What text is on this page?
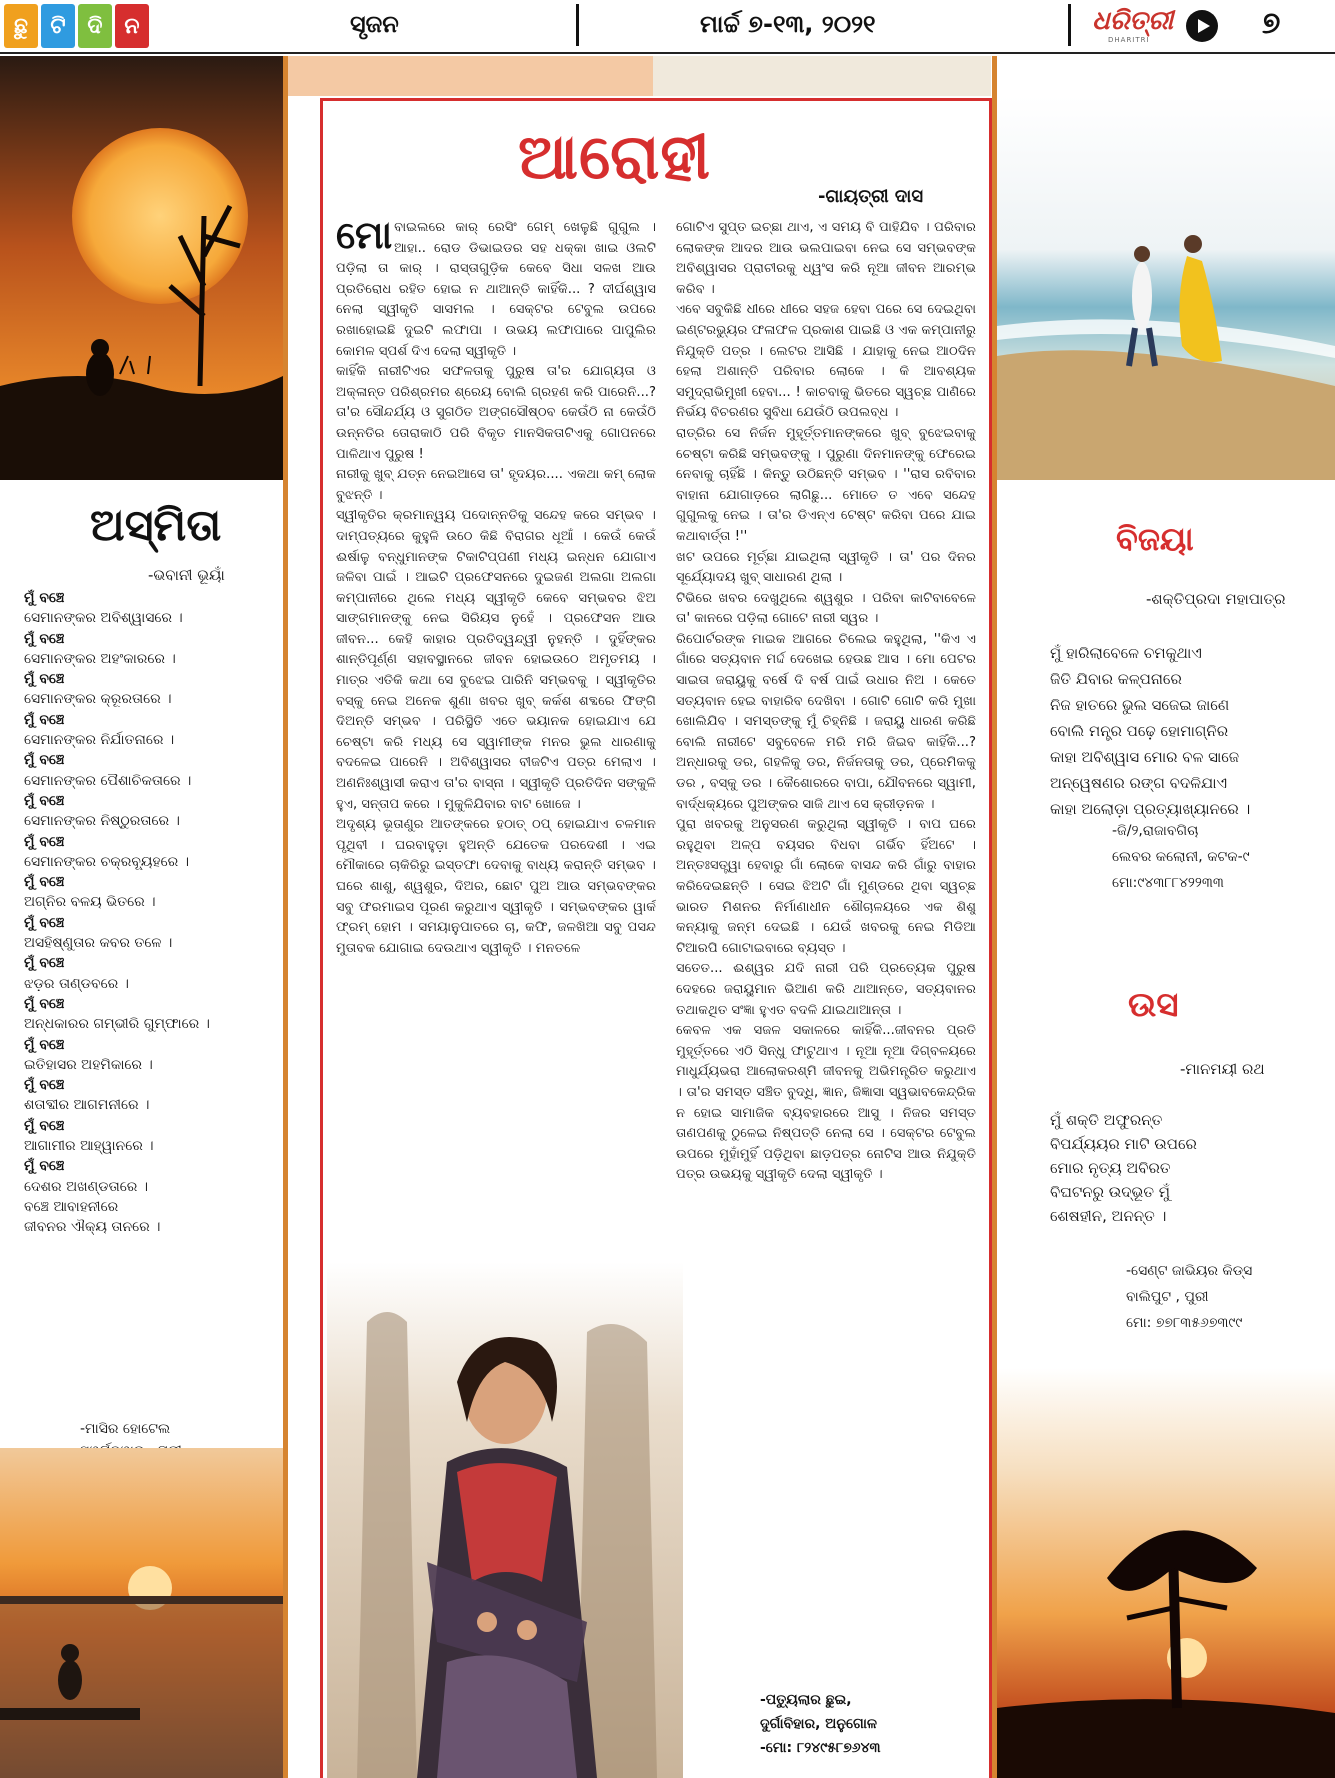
ଛୁ	ଟି ଦି ନ	ସୃଜନ	ମାର୍ଚ୍ଚ ୭-୧୩, ୨୦୨୧	ଧରିତ୍ରୀ
DHARITRI	୭
ଅସ୍ମିତା
-ଭବାନୀ ଭୂୟାଁ
ମୁଁ ବଞ୍ଚେ
ସେମାନଙ୍କର ଅବିଶ୍ୱାସରେ ।
ମୁଁ ବଞ୍ଚେ
ସେମାନଙ୍କର ଅହଂକାରରେ ।
ମୁଁ ବଞ୍ଚେ
ସେମାନଙ୍କର କ୍ରୂରତାରେ ।
ମୁଁ ବଞ୍ଚେ
ସେମାନଙ୍କର ନିର୍ଯାତନାରେ ।
ମୁଁ ବଞ୍ଚେ
ସେମାନଙ୍କର ପୈଶାଚିକତାରେ ।
ମୁଁ ବଞ୍ଚେ
ସେମାନଙ୍କର ନିଷ୍ଠୁରତାରେ ।
ମୁଁ ବଞ୍ଚେ
ସେମାନଙ୍କର ଚକ୍ରବ୍ୟୂହରେ ।
ମୁଁ ବଞ୍ଚେ
ଅଗ୍ନିର ବଳୟ ଭିତରେ ।
ମୁଁ ବଞ୍ଚେ
ଅସହିଷ୍ଣୁତାର କବର ତଳେ ।
ମୁଁ ବଞ୍ଚେ
ଝଡ଼ର ତାଣ୍ଡବରେ ।
ମୁଁ ବଞ୍ଚେ
ଅନ୍ଧକାରର ଗମ୍ଭୀରି ଗୁମ୍ଫାରେ ।
ମୁଁ ବଞ୍ଚେ
ଇତିହାସର ଅହମିକାରେ ।
ମୁଁ ବଞ୍ଚେ
ଶତାବ୍ଦୀର ଆଗମନୀରେ ।
ମୁଁ ବଞ୍ଚେ
ଆଗାମୀର ଆହ୍ୱାନରେ ।
ମୁଁ ବଞ୍ଚେ
ଦେଶର ଅଖଣ୍ଡତାରେ ।
ବଞ୍ଚେ ଆବାହନୀରେ
ଜୀବନର ଐକ୍ୟ ତାନରେ ।
-ମାସିର ହୋଟେଲ
ଆରୋହୀ
-ଗାୟତ୍ରୀ ଦାସ

ମୋବାଇଲରେ କାର୍ ରେସିଂ ଗେମ୍ ଖେଳୁଛି ଗୁଗୁଲ । ଆହା.. ରୋଡ ଡିଭାଇଡର ସହ ଧକ୍କା ଖାଇ ଓଲଟି ପଡ଼ିଲା ତା କାର୍ । ରାସ୍ତାଗୁଡ଼ିକ କେବେ ସିଧା ସଳଖ ଆଉ ପ୍ରତିରୋଧ ରହିତ ହୋଇ ନ ଥାଆନ୍ତି କାହିଁକି... ? ଦୀର୍ଘଶ୍ୱାସ ନେଲା ସ୍ୱୀକୃତି ସାସମଲ । ସେକ୍ଟର ଟେବୁଲ ଉପରେ ରଖାହୋଇଛି ଦୁଇଟି ଲଫାପା । ଉଭୟ ଲଫାପାରେ ପାପୁଲିର କୋମଳ ସ୍ପର୍ଶ ଦିଏ ଦେଲା ସ୍ୱୀକୃତି ।

କାହିଁକି ନାରୀଟିଏର ସଫଳତାକୁ ପୁରୁଷ ତା'ର ଯୋଗ୍ୟତା ଓ ଅକ୍ଳାନ୍ତ ପରିଶ୍ରମର ଶ୍ରେୟ ବୋଲି ଗ୍ରହଣ କରି ପାରେନି...? ତା'ର ସୌନ୍ଦର୍ଯ୍ୟ ଓ ସୁଗଠିତ ଅଙ୍ଗସୌଷ୍ଠବ କେଉଁଠି ନା କେଉଁଠି ଉନ୍ନତିର ତୋରାକାଠି ପରି ବିକୃତ ମାନସିକତାଟିଏକୁ ଗୋପନରେ ପାଳିଥାଏ ପୁରୁଷ !

ନାରୀକୁ ଖୁବ୍ ଯତ୍ନ ନେଇଆସେ ତା' ହୃଦୟର.... ଏକଥା କମ୍ ଲୋକ ବୁଝନ୍ତି ।

ସ୍ୱୀକୃତିର କ୍ରମାନ୍ୱୟ ପଦୋନ୍ନତିକୁ ସନ୍ଦେହ କରେ ସମ୍ଭବ । ଦାମ୍ପତ୍ୟରେ କୁହୁଳି ଉଠେ କିଛି ବିରାଗର ଧୂଆଁ । କେଉଁ କେଉଁ ଈର୍ଷାଳୁ ବନ୍ଧୁମାନଙ୍କ ଟିକାଟିପ୍ପଣୀ ମଧ୍ୟ ଇନ୍ଧନ ଯୋଗାଏ ଜଳିବା ପାଇଁ । ଆଇଟି ପ୍ରଫେସନରେ ଦୁଇଜଣ ଅଲଗା ଅଲଗା କମ୍ପାନୀରେ ଥିଲେ ମଧ୍ୟ ସ୍ୱୀକୃତି କେବେ ସମ୍ଭବର ଝିଅ ସାଙ୍ଗମାନଙ୍କୁ ନେଇ ସିରିୟସ ନୁହେଁ । ପ୍ରଫେସନ ଆଉ ଜୀବନ... କେହି କାହାର ପ୍ରତିଦ୍ୱନ୍ଦ୍ୱୀ ନୁହନ୍ତି । ଦୁହିଁଙ୍କର ଶାନ୍ତିପୂର୍ଣ୍ଣ ସହାବସ୍ଥାନରେ ଜୀବନ ହୋଇଉଠେ ଅମୃତମୟ । ମାତ୍ର ଏତିକି କଥା ସେ ବୁଝେଇ ପାରିନି ସମ୍ଭବକୁ । ସ୍ୱୀକୃତିର ବସ୍‌କୁ ନେଇ ଅନେକ ଶୁଣା ଖବର ଖୁବ୍ କର୍କଶ ଶବ୍ଦରେ ଫିଙ୍ଗି ଦିଅନ୍ତି ସମ୍ଭବ । ପରିସ୍ଥିତି ଏତେ ଭୟାନକ ହୋଇଯାଏ ଯେ ଚେଷ୍ଟା କରି ମଧ୍ୟ ସେ ସ୍ୱାମୀଙ୍କ ମନର ଭୁଲ ଧାରଣାକୁ ବଦଳେଇ ପାରେନି । ଅବିଶ୍ୱାସର ବୀଜଟିଏ ପତ୍ର ମେଲାଏ । ଅଣନିଃଶ୍ୱାସୀ କରାଏ ତା'ର ବାସ୍ନା । ସ୍ୱୀକୃତି ପ୍ରତିଦିନ ସଙ୍କୁଳି ହୁଏ, ସନ୍ତାପ କରେ । ମୁକୁଳିଯିବାର ବାଟ ଖୋଜେ ।

ଅଦୃଶ୍ୟ ଭୂତାଣୁର ଆତଙ୍କରେ ହଠାତ୍ ଠପ୍ ହୋଇଯାଏ ଚଳମାନ ପୃଥିବୀ । ଘରବାହୁଡ଼ା ହୁଅନ୍ତି ଯେତେକ ପରଦେଶୀ । ଏଇ ମୌକାରେ ଚାକିରିରୁ ଇସ୍ତଫା ଦେବାକୁ ବାଧ୍ୟ କରାନ୍ତି ସମ୍ଭବ । ଘରେ ଶାଶୁ, ଶ୍ୱଶୁର, ଦିଅର, ଛୋଟ ପୁଅ ଆଉ ସମ୍ଭବଙ୍କର ସବୁ ଫରମାଇସ ପୂରଣ କରୁଥାଏ ସ୍ୱୀକୃତି । ସମ୍ଭବଙ୍କର ୱାର୍କ ଫ୍ରମ୍ ହୋମ । ସମୟାନୁପାତରେ ଚା, କଫି, ଜଳଖିଆ ସବୁ ପସନ୍ଦ ମୁତାବକ ଯୋଗାଇ ଦେଉଥାଏ ସ୍ୱୀକୃତି । ମନତଳେ

ଗୋଟିଏ ସୁପ୍ତ ଇଚ୍ଛା ଥାଏ, ଏ ସମୟ ବି ପାହିଯିବ । ପରିବାର ଲୋକଙ୍କ ଆଦର ଆଉ ଭଲପାଇବା ନେଇ ସେ ସମ୍ଭବଙ୍କ ଅବିଶ୍ୱାସର ପ୍ରାଚୀରକୁ ଧ୍ୱଂସ କରି ନୂଆ ଜୀବନ ଆରମ୍ଭ କରିବ ।

ଏବେ ସବୁକିଛି ଧୀରେ ଧୀରେ ସହଜ ହେବା ପରେ ସେ ଦେଇଥିବା ଇଣ୍ଟରଭ୍ୟୁର ଫଳାଫଳ ପ୍ରକାଶ ପାଇଛି ଓ ଏକ କମ୍ପାନୀରୁ ନିଯୁକ୍ତି ପତ୍ର । ଲେଟର ଆସିଛି । ଯାହାକୁ ନେଇ ଆଠଦିନ ହେଲା ଅଶାନ୍ତି ପରିବାର ଲୋକେ । କି ଆବଶ୍ୟକ ସମୁଦ୍ରାଭିମୁଖୀ ହେବା... ! କାଚବାକୁ ଭିତରେ ସ୍ୱଚ୍ଛ ପାଣିରେ ନିର୍ଭୟ ବିଚରଣର ସୁବିଧା ଯେଉଁଠି ଉପଲବ୍ଧ ।

ରାତ୍ରିର ସେ ନିର୍ଜନ ମୁହୂର୍ତ୍ତମାନଙ୍କରେ ଖୁବ୍ ବୁଝେଇବାକୁ ଚେଷ୍ଟା କରିଛି ସମ୍ଭବଙ୍କୁ । ପୁରୁଣା ଦିନମାନଙ୍କୁ ଫେରେଇ ନେବାକୁ ଚାହିଁଛି । କିନ୍ତୁ ଉଠିଛନ୍ତି ସମ୍ଭବ । ''ରାସ ରବିବାର ବାହାନା ଯୋଗାଡ଼ରେ ଲାଗିଛୁ... ମୋତେ ତ ଏବେ ସନ୍ଦେହ ଗୁଗୁଲକୁ ନେଇ । ତା'ର ଡିଏନ୍ଏ ଟେଷ୍ଟ କରିବା ପରେ ଯାଇ କଥାବାର୍ତ୍ତା !''

ଖଟ ଉପରେ ମୂର୍ଚ୍ଛା ଯାଇଥିଲା ସ୍ୱୀକୃତି । ତା' ପର ଦିନର ସୂର୍ଯ୍ୟୋଦୟ ଖୁବ୍ ସାଧାରଣ ଥିଲା ।

ଟିଭିରେ ଖବର ଦେଖୁଥିଲେ ଶ୍ୱଶୁର । ପରିବା କାଟିବାବେଳେ ତା' କାନରେ ପଡ଼ିଲା ଗୋଟେ ନାରୀ ସ୍ୱର ।

ରିପୋର୍ଟରଙ୍କ ମାଇକ ଆଗରେ ଚିଲେଇ କହୁଥିଲା, ''କିଏ ଏ ଗାଁରେ ସତ୍ୟବାନ ମର୍ଦ୍ଦ ଦେଖେଇ ହେଉଛ ଆସ । ମୋ ପେଟର ସାଇତା ଜରାୟୁକୁ ବର୍ଷେ ଦି ବର୍ଷ ପାଇଁ ଉଧାର ନିଅ । କେତେ ସତ୍ୟବାନ ହେଇ ବାହାରିବ ଦେଖିବା । ଗୋଟି ଗୋଟି କରି ମୁଖା ଖୋଲିଯିବ । ସମସ୍ତଙ୍କୁ ମୁଁ ଚିହ୍ନିଛି । ଜରାୟୁ ଧାରଣ କରିଛି ବୋଲି ନାରୀଟେ ସବୁବେଳେ ମରି ମରି ଜିଇବ କାହିଁକି...? ଅନ୍ଧାରକୁ ଡର, ଗହଳିକୁ ଡର, ନିର୍ଜନତାକୁ ଡର, ପ୍ରେମିକକୁ ଡର , ବସ୍‌କୁ ଡର । କୈଶୋରରେ ବାପା, ଯୌବନରେ ସ୍ୱାମୀ, ବାର୍ଦ୍ଧକ୍ୟରେ ପୁଅଙ୍କର ସାଜି ଥାଏ ସେ କ୍ରୀଡ଼ନକ ।

ପୁରା ଖବରକୁ ଅନୁସରଣ କରୁଥିଲା ସ୍ୱୀକୃତି । ବାପ ଘରେ ରହୁଥିବା ଅଳ୍ପ ବୟସର ବିଧବା ଗର୍ଭିବ ହିଁଅଟେ । ଅନ୍ତଃସତ୍ତ୍ୱା ହେବାରୁ ଗାଁ ଲୋକେ ବାସନ୍ଦ କରି ଗାଁରୁ ବାହାର କରିଦେଇଛନ୍ତି । ସେଇ ଝିଅଟି ଗାଁ ମୁଣ୍ଡରେ ଥିବା ସ୍ୱଚ୍ଛ ଭାରତ ମିଶନର ନିର୍ମାଣାଧୀନ ଶୌଚାଳୟରେ ଏକ ଶିଶୁ କନ୍ୟାକୁ ଜନ୍ମ ଦେଇଛି । ଯେଉଁ ଖବରକୁ ନେଇ ମିଡିଆ ଟିଆରପି ଗୋଟାଇବାରେ ବ୍ୟସ୍ତ ।

ସତେତ... ଈଶ୍ୱର ଯଦି ନାରୀ ପରି ପ୍ରତ୍ୟେକ ପୁରୁଷ ଦେହରେ ଜରାୟୁମାନ ଭିଆଣ କରି ଥାଆନ୍ତେ, ସତ୍ୟବାନର ତଥାକଥିତ ସଂଜ୍ଞା ହୁଏତ ବଦଳି ଯାଇଥାଆନ୍ତା ।

କେବଳ ଏକ ସଜଳ ସକାଳରେ କାହିଁକି...ଜୀବନର ପ୍ରତି ମୁହୂର୍ତ୍ତରେ ଏଠି ସିନ୍ଧୁ ଫାଟୁଥାଏ । ନୂଆ ନୂଆ ଦିଗ୍‌ବଳୟରେ ମାଧୁର୍ଯ୍ୟଭରା ଆଲୋକରଶ୍ମି ଜୀବନକୁ ଅଭିମନ୍ତ୍ରିତ କରୁଥାଏ । ତା'ର ସମସ୍ତ ସଞ୍ଚିତ ବୁଦ୍ଧି, ଜ୍ଞାନ, ଜିଜ୍ଞାସା ସ୍ୱଭାବକେନ୍ଦ୍ରିକ ନ ହୋଇ ସାମାଜିକ ବ୍ୟବହାରରେ ଆସୁ । ନିଜର ସମସ୍ତ ତାଣପଣକୁ ଠୁଳେଇ ନିଷ୍ପତ୍ତି ନେଲା ସେ । ସେକ୍ଟର ଟେବୁଲ ଉପରେ ମୁହାଁମୁହିଁ ପଡ଼ିଥିବା ଛାଡ଼ପତ୍ର ନୋଟିସ ଆଉ ନିଯୁକ୍ତି ପତ୍ର ଉଭୟକୁ ସ୍ୱୀକୃତି ଦେଲା ସ୍ୱୀକୃତି ।

-ପତ୍ୟୁଲାର ଛୁଇ,
ଦୁର୍ଗାବିହାର, ଅନୁଗୋଳ
-ମୋ: ୮୨୪୯୫୮୭୬୪୩
ବିଜୟା
-ଶକ୍ତିପ୍ରଦା ମହାପାତ୍ର
ମୁଁ ହାରିଲାବେଳେ ଚମକୁଥାଏ
ଜିତି ଯିବାର କଳ୍ପନାରେ
ନିଜ ହାତରେ ଭୁଲ ସଜେଇ ଜାଣେ
ବୋଲି ମନ୍ତ୍ର ପଢ଼େ ହୋମାଗ୍ନିର
କାହା ଅବିଶ୍ୱାସ ମୋର ବଳ ସାଜେ
ଅନ୍ୱେଷଣର ରଙ୍ଗ ବଦଳିଯାଏ
କାହା ଅଲୋଡ଼ା ପ୍ରତ୍ୟାଖ୍ୟାନରେ ।
-ଜି/୨,ରାଜାବଗିଚା
ଲେବର କଲୋନୀ, କଟକ-୯
ମୋ:୯୪୩୮୮୪୨୨୩୩
ଉସ
-ମାନମୟୀ ରଥ
ମୁଁ ଶକ୍ତି ଅଫୁରନ୍ତ
ବିପର୍ଯ୍ୟୟର ମାଟି ଉପରେ
ମୋର ନୃତ୍ୟ ଅବିରତ
ବିଘଟନରୁ ଉଦ୍ଭୂତ ମୁଁ
ଶେଷହୀନ, ଅନନ୍ତ ।
-ସେଣ୍ଟ ଜାଭିୟର କିଡ୍ସ
ବାଲିପୁଟ , ପୁରୀ
ମୋ: ୭୭୮୩୫୬୭୩୯୯
